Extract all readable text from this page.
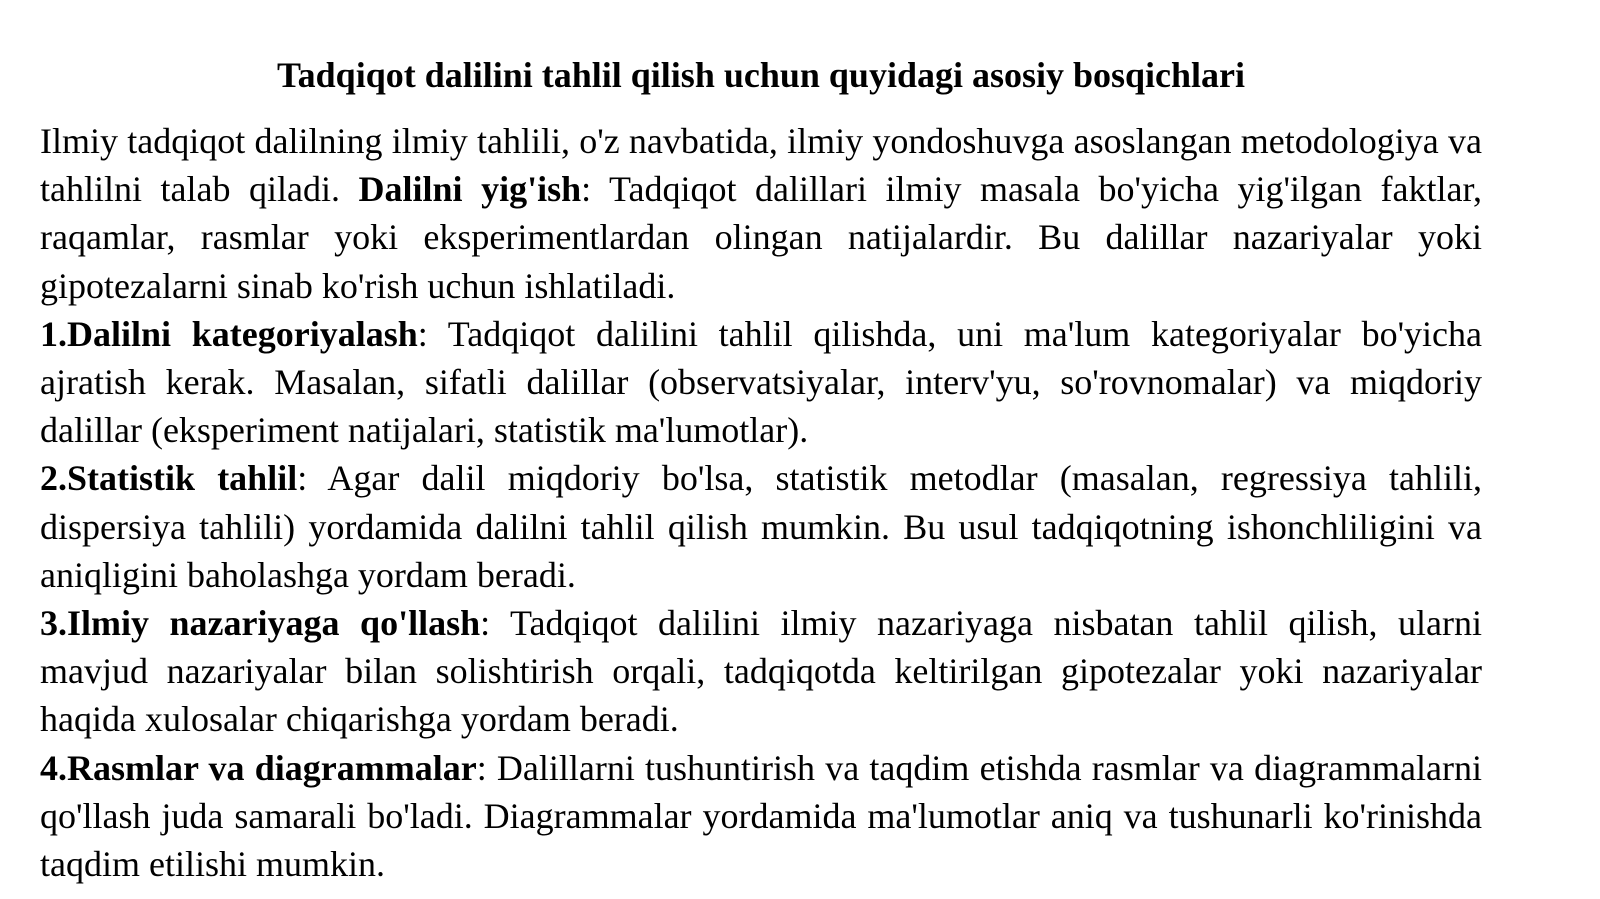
Tadqiqot dalilini tahlil qilish uchun quyidagi asosiy bosqichlari

Ilmiy tadqiqot dalilning ilmiy tahlili, o'z navbatida, ilmiy yondoshuvga asoslangan metodologiya va tahlilni talab qiladi. Dalilni yig'ish: Tadqiqot dalillari ilmiy masala bo'yicha yig'ilgan faktlar, raqamlar, rasmlar yoki eksperimentlardan olingan natijalardir. Bu dalillar nazariyalar yoki gipotezalarni sinab ko'rish uchun ishlatiladi.

1.Dalilni kategoriyalash: Tadqiqot dalilini tahlil qilishda, uni ma'lum kategoriyalar bo'yicha ajratish kerak. Masalan, sifatli dalillar (observatsiyalar, interv'yu, so'rovnomalar) va miqdoriy dalillar (eksperiment natijalari, statistik ma'lumotlar).

2.Statistik tahlil: Agar dalil miqdoriy bo'lsa, statistik metodlar (masalan, regressiya tahlili, dispersiya tahlili) yordamida dalilni tahlil qilish mumkin. Bu usul tadqiqotning ishonchliligini va aniqligini baholashga yordam beradi.

3.Ilmiy nazariyaga qo'llash: Tadqiqot dalilini ilmiy nazariyaga nisbatan tahlil qilish, ularni mavjud nazariyalar bilan solishtirish orqali, tadqiqotda keltirilgan gipotezalar yoki nazariyalar haqida xulosalar chiqarishga yordam beradi.

4.Rasmlar va diagrammalar: Dalillarni tushuntirish va taqdim etishda rasmlar va diagrammalarni qo'llash juda samarali bo'ladi. Diagrammalar yordamida ma'lumotlar aniq va tushunarli ko'rinishda taqdim etilishi mumkin.
